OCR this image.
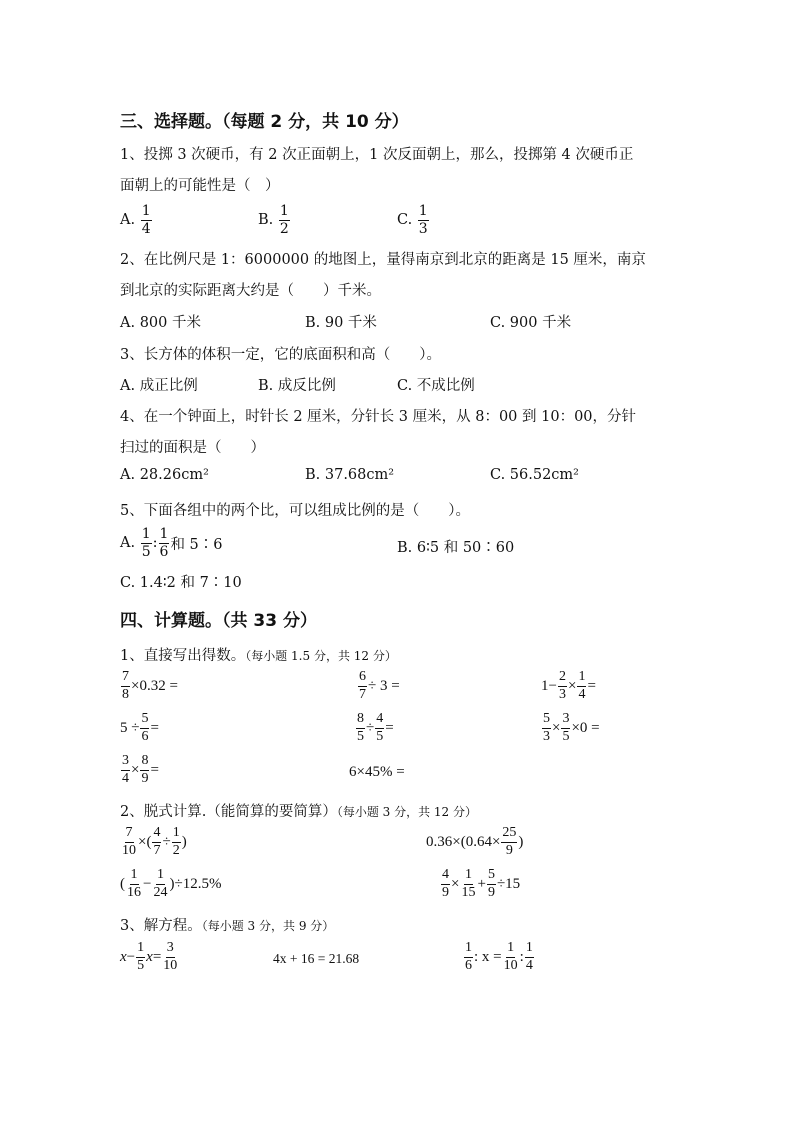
三、选择题。（每题 2 分，共 10 分）
1、投掷 3 次硬币，有 2 次正面朝上，1 次反面朝上，那么，投掷第 4 次硬币正
面朝上的可能性是（　）
A.
$\frac{1}{4}$	B.
$\frac{1}{2}$	C.
$\frac{1}{3}$
2、在比例尺是 1：6000000 的地图上，量得南京到北京的距离是 15 厘米，南京
到北京的实际距离大约是（　　）千米。
A. 800 千米	B. 90 千米	C. 900 千米
3、长方体的体积一定，它的底面积和高（　　）。
A. 成正比例	B. 成反比例	C. 不成比例
4、在一个钟面上，时针长 2 厘米，分针长 3 厘米，从 8：00 到 10：00，分针
扫过的面积是（　　）
A. 28.26cm²	B. 37.68cm²	C. 56.52cm²
5、下面各组中的两个比，可以组成比例的是（　　）。
A.
$\frac{1}{5}$ : $\frac{1}{6}$ 和 5∶6	B. 6∶5 和 50∶60
C. 1.4∶2 和 7∶10
四、计算题。（共 33 分）
1、直接写出得数。（每小题 1.5 分，共 12 分）
$\frac{7}{8} \times 0.32$ =	$\frac{6}{7} \div 3$ =	$1- \frac{2}{3} \times \frac{1}{4}$ =
$5 \div \frac{5}{6}$ =	$\frac{8}{5} \div \frac{4}{5}$ =	$\frac{5}{3} \times \frac{3}{5} \times 0$ =
$\frac{3}{4} \times \frac{8}{9}$ =	6×45% =
2、脱式计算.（能简算的要简算）（每小题 3 分，共 12 分）
$\frac{7}{10}$ ×( $\frac{4}{7} \div \frac{1}{2}$ )	$0.36\times(0.64\times \frac{25}{9}$ )
( $\frac{1}{16} - \frac{1}{24} )\div 12.5\%$	$\frac{4}{9} \times \frac{1}{15} + \frac{5}{9} \div 15$
3、解方程。（每小题 3 分，共 9 分）
$x - \frac{1}{5}$ $x = \frac{3}{10}$	4x + 16 = 21.68	$\frac{1}{6}$ : $x = \frac{1}{10}$ : $\frac{1}{4}$
